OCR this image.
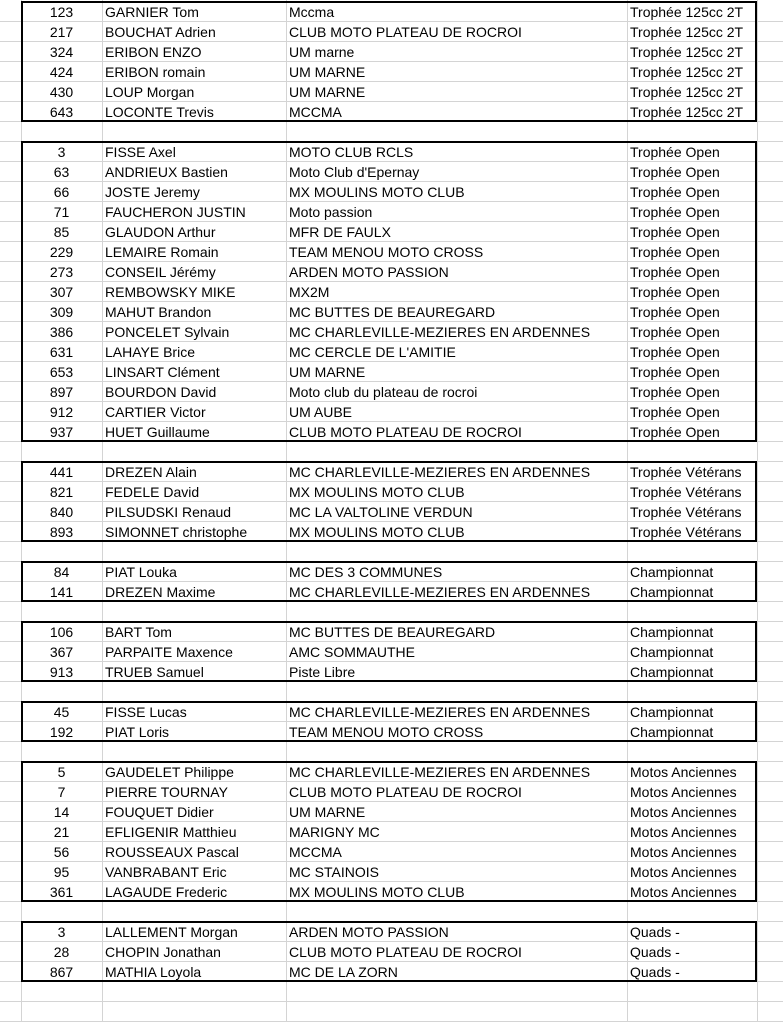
123	GARNIER Tom	Mccma	Trophée 125cc 2T
217	BOUCHAT Adrien	CLUB MOTO PLATEAU DE ROCROI	Trophée 125cc 2T
324	ERIBON ENZO	UM marne	Trophée 125cc 2T
424	ERIBON romain	UM MARNE	Trophée 125cc 2T
430	LOUP Morgan	UM MARNE	Trophée 125cc 2T
643	LOCONTE Trevis	MCCMA	Trophée 125cc 2T
3	FISSE Axel	MOTO CLUB RCLS	Trophée Open
63	ANDRIEUX Bastien	Moto Club d'Epernay	Trophée Open
66	JOSTE Jeremy	MX MOULINS MOTO CLUB	Trophée Open
71	FAUCHERON JUSTIN	Moto passion	Trophée Open
85	GLAUDON Arthur	MFR DE FAULX	Trophée Open
229	LEMAIRE Romain	TEAM MENOU MOTO CROSS	Trophée Open
273	CONSEIL Jérémy	ARDEN MOTO PASSION	Trophée Open
307	REMBOWSKY MIKE	MX2M	Trophée Open
309	MAHUT Brandon	MC BUTTES DE BEAUREGARD	Trophée Open
386	PONCELET Sylvain	MC CHARLEVILLE-MEZIERES EN ARDENNES	Trophée Open
631	LAHAYE Brice	MC CERCLE DE L'AMITIE	Trophée Open
653	LINSART Clément	UM MARNE	Trophée Open
897	BOURDON David	Moto club du plateau de rocroi	Trophée Open
912	CARTIER Victor	UM AUBE	Trophée Open
937	HUET Guillaume	CLUB MOTO PLATEAU DE ROCROI	Trophée Open
441	DREZEN Alain	MC CHARLEVILLE-MEZIERES EN ARDENNES	Trophée Vétérans
821	FEDELE David	MX MOULINS MOTO CLUB	Trophée Vétérans
840	PILSUDSKI Renaud	MC LA VALTOLINE VERDUN	Trophée Vétérans
893	SIMONNET christophe	MX MOULINS MOTO CLUB	Trophée Vétérans
84	PIAT Louka	MC DES 3 COMMUNES	Championnat
141	DREZEN Maxime	MC CHARLEVILLE-MEZIERES EN ARDENNES	Championnat
106	BART Tom	MC BUTTES DE BEAUREGARD	Championnat
367	PARPAITE Maxence	AMC SOMMAUTHE	Championnat
913	TRUEB Samuel	Piste Libre	Championnat
45	FISSE Lucas	MC CHARLEVILLE-MEZIERES EN ARDENNES	Championnat
192	PIAT Loris	TEAM MENOU MOTO CROSS	Championnat
5	GAUDELET Philippe	MC CHARLEVILLE-MEZIERES EN ARDENNES	Motos Anciennes
7	PIERRE TOURNAY	CLUB MOTO PLATEAU DE ROCROI	Motos Anciennes
14	FOUQUET Didier	UM MARNE	Motos Anciennes
21	EFLIGENIR Matthieu	MARIGNY MC	Motos Anciennes
56	ROUSSEAUX Pascal	MCCMA	Motos Anciennes
95	VANBRABANT Eric	MC STAINOIS	Motos Anciennes
361	LAGAUDE Frederic	MX MOULINS MOTO CLUB	Motos Anciennes
3	LALLEMENT Morgan	ARDEN MOTO PASSION	Quads -
28	CHOPIN Jonathan	CLUB MOTO PLATEAU DE ROCROI	Quads -
867	MATHIA Loyola	MC DE LA ZORN	Quads -
